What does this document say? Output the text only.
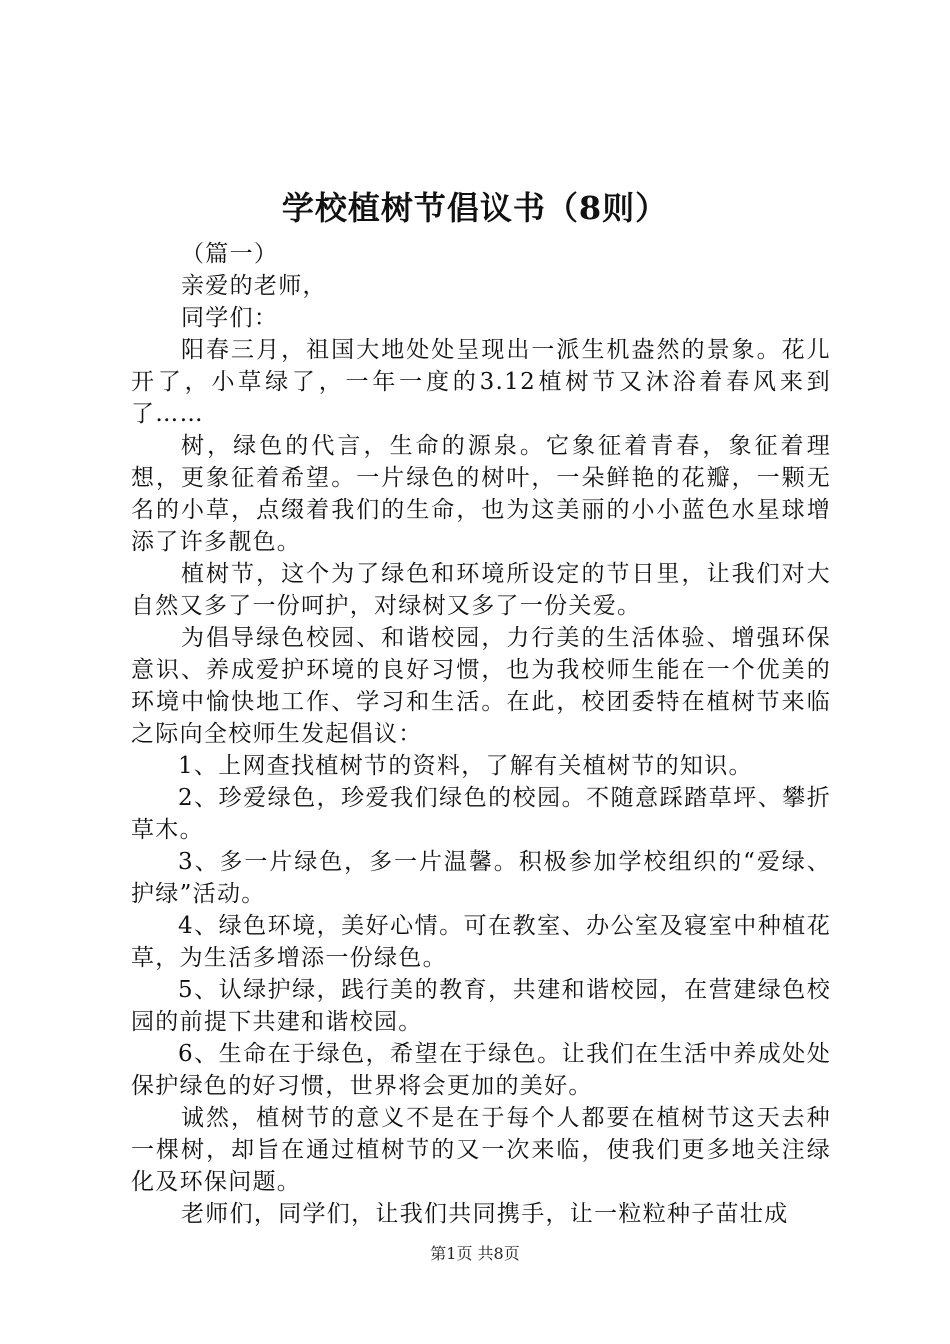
学校植树节倡议书（8则）

（篇一）

亲爱的老师，

同学们：

阳春三月，祖国大地处处呈现出一派生机盎然的景象。花儿开了，小草绿了，一年一度的3.12植树节又沐浴着春风来到了……

树，绿色的代言，生命的源泉。它象征着青春，象征着理想，更象征着希望。一片绿色的树叶，一朵鲜艳的花瓣，一颗无名的小草，点缀着我们的生命，也为这美丽的小小蓝色水星球增添了许多靓色。

植树节，这个为了绿色和环境所设定的节日里，让我们对大自然又多了一份呵护，对绿树又多了一份关爱。

为倡导绿色校园、和谐校园，力行美的生活体验、增强环保意识、养成爱护环境的良好习惯，也为我校师生能在一个优美的环境中愉快地工作、学习和生活。在此，校团委特在植树节来临之际向全校师生发起倡议：

1、上网查找植树节的资料，了解有关植树节的知识。

2、珍爱绿色，珍爱我们绿色的校园。不随意踩踏草坪、攀折草木。

3、多一片绿色，多一片温馨。积极参加学校组织的“爱绿、护绿”活动。

4、绿色环境，美好心情。可在教室、办公室及寝室中种植花草，为生活多增添一份绿色。

5、认绿护绿，践行美的教育，共建和谐校园，在营建绿色校园的前提下共建和谐校园。

6、生命在于绿色，希望在于绿色。让我们在生活中养成处处保护绿色的好习惯，世界将会更加的美好。

诚然，植树节的意义不是在于每个人都要在植树节这天去种一棵树，却旨在通过植树节的又一次来临，使我们更多地关注绿化及环保问题。

老师们，同学们，让我们共同携手，让一粒粒种子苗壮成

第1页 共8页
